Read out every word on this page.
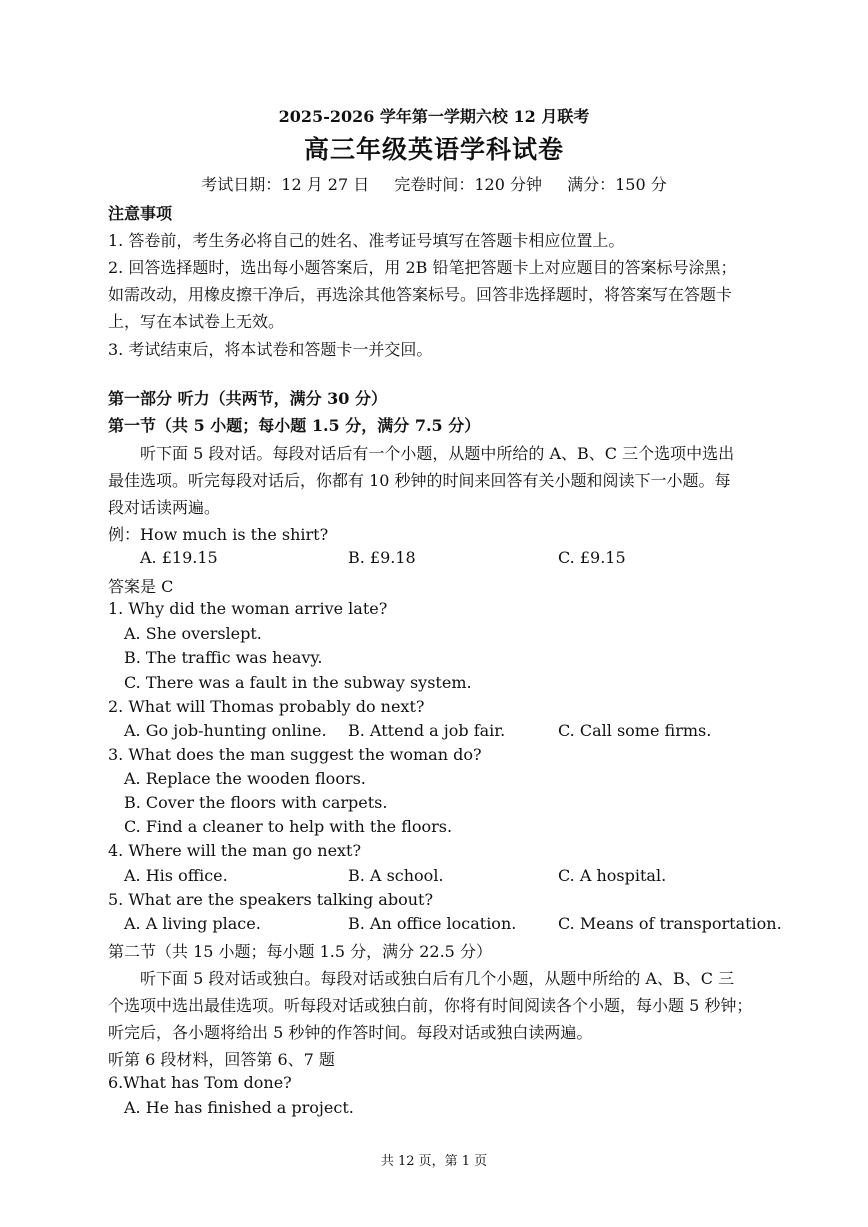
2025-2026 学年第一学期六校 12 月联考
高三年级英语学科试卷
考试日期：12 月 27 日 完卷时间：120 分钟 满分：150 分
注意事项
1. 答卷前，考生务必将自己的姓名、准考证号填写在答题卡相应位置上。
2. 回答选择题时，选出每小题答案后，用 2B 铅笔把答题卡上对应题目的答案标号涂黑；
如需改动，用橡皮擦干净后，再选涂其他答案标号。回答非选择题时，将答案写在答题卡
上，写在本试卷上无效。
3. 考试结束后，将本试卷和答题卡一并交回。
第一部分 听力（共两节，满分 30 分）
第一节（共 5 小题；每小题 1.5 分，满分 7.5 分）
听下面 5 段对话。每段对话后有一个小题，从题中所给的 A、B、C 三个选项中选出
最佳选项。听完每段对话后，你都有 10 秒钟的时间来回答有关小题和阅读下一小题。每
段对话读两遍。
例：How much is the shirt?
A. £19.15	B. £9.18	C. £9.15
答案是 C
1. Why did the woman arrive late?
A. She overslept.
B. The traffic was heavy.
C. There was a fault in the subway system.
2. What will Thomas probably do next?
A. Go job-hunting online. B. Attend a job fair.	C. Call some firms.
3. What does the man suggest the woman do?
A. Replace the wooden floors.
B. Cover the floors with carpets.
C. Find a cleaner to help with the floors.
4. Where will the man go next?
A. His office.	B. A school.	C. A hospital.
5. What are the speakers talking about?
A. A living place.	B. An office location.	C. Means of transportation.
第二节（共 15 小题；每小题 1.5 分，满分 22.5 分）
听下面 5 段对话或独白。每段对话或独白后有几个小题，从题中所给的 A、B、C 三
个选项中选出最佳选项。听每段对话或独白前，你将有时间阅读各个小题，每小题 5 秒钟；
听完后，各小题将给出 5 秒钟的作答时间。每段对话或独白读两遍。
听第 6 段材料，回答第 6、7 题
6.What has Tom done?
A. He has finished a project.
共 12 页，第 1 页
